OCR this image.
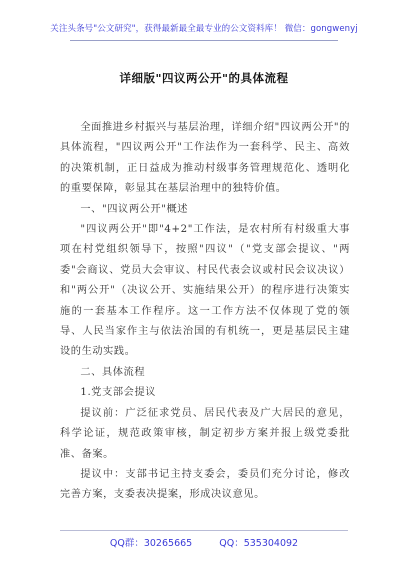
关注头条号"公文研究"，获得最新最全最专业的公文资料库！ 微信：gongwenyj
详细版"四议两公开"的具体流程

全面推进乡村振兴与基层治理，详细介绍"四议两公开"的具体流程，"四议两公开"工作法作为一套科学、民主、高效的决策机制，正日益成为推动村级事务管理规范化、透明化的重要保障，彰显其在基层治理中的独特价值。

一、"四议两公开"概述

"四议两公开"即"4+2"工作法，是农村所有村级重大事项在村党组织领导下，按照"四议"（"党支部会提议、"两委"会商议、党员大会审议、村民代表会议或村民会议决议）和"两公开"（决议公开、实施结果公开）的程序进行决策实施的一套基本工作程序。这一工作方法不仅体现了党的领导、人民当家作主与依法治国的有机统一，更是基层民主建设的生动实践。

二、具体流程

1.党支部会提议

提议前：广泛征求党员、居民代表及广大居民的意见，科学论证，规范政策审核，制定初步方案并报上级党委批准、备案。

提议中：支部书记主持支委会，委员们充分讨论，修改完善方案，支委表决提案，形成决议意见。

QQ群：30265665	QQ：535304092
